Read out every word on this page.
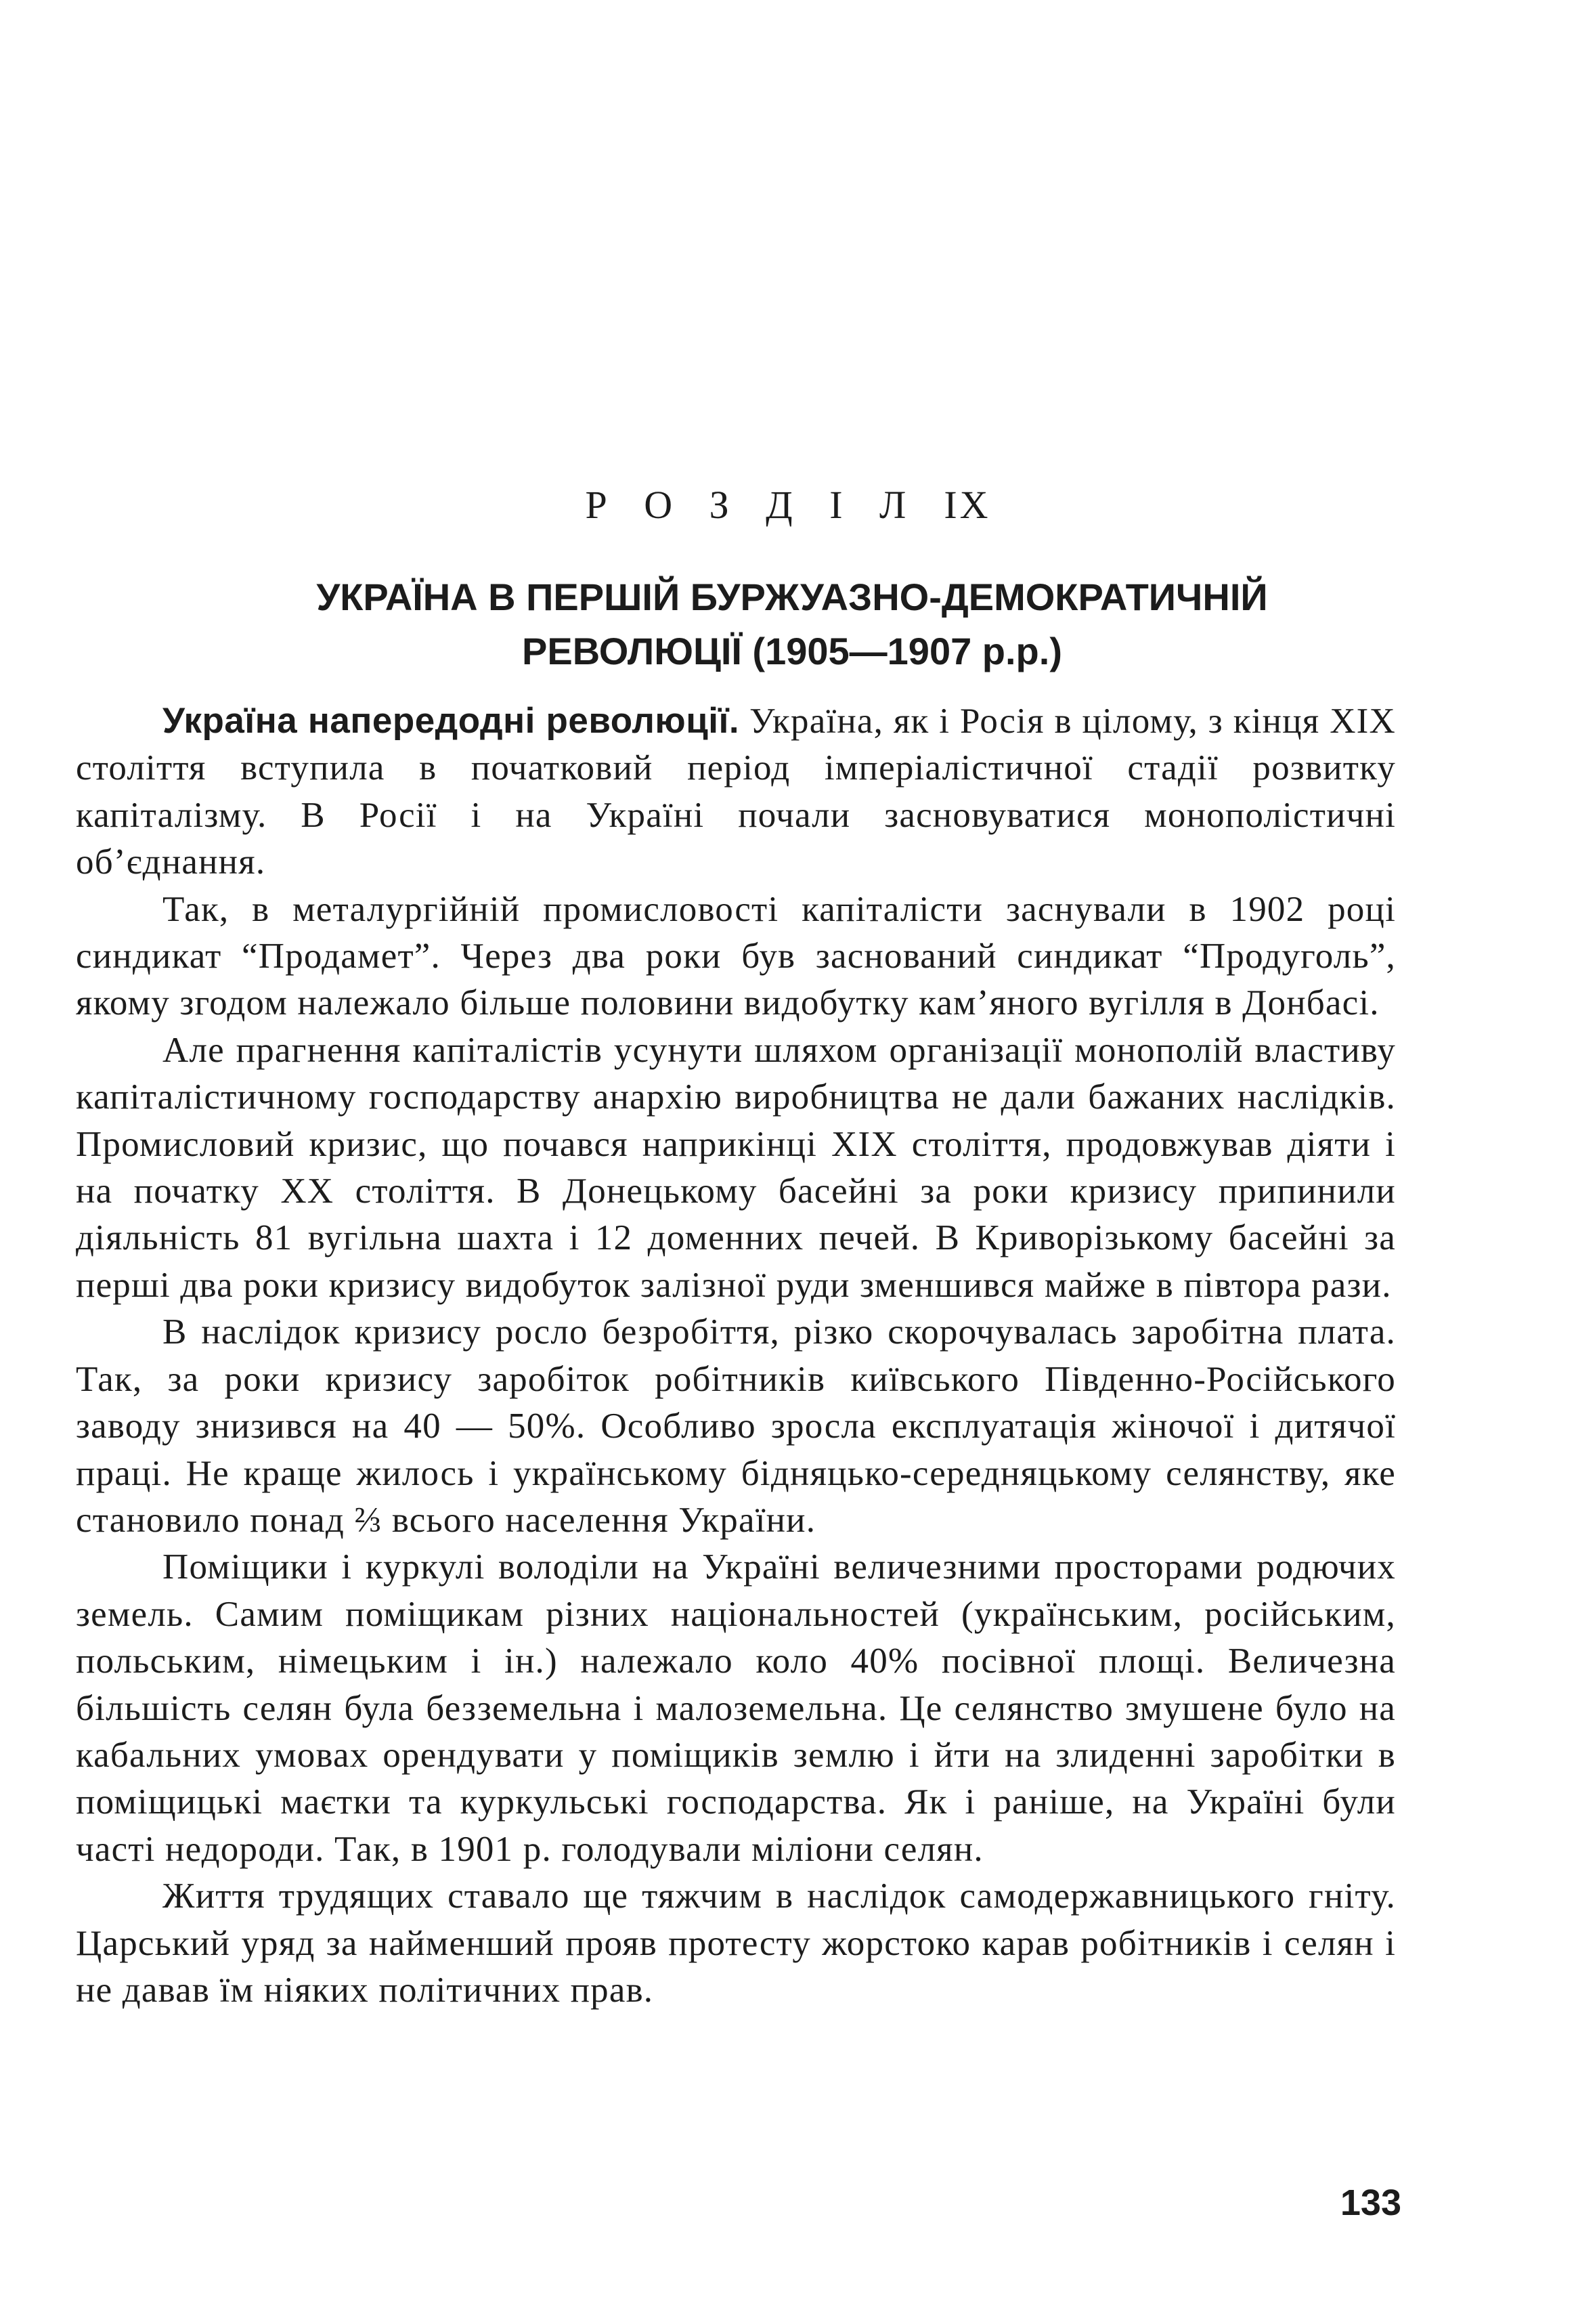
Р О З Д І Л IX
УКРАЇНА В ПЕРШІЙ БУРЖУАЗНО-ДЕМОКРАТИЧНІЙ
РЕВОЛЮЦІЇ (1905—1907 р.р.)

Україна напередодні революції. Україна, як і Росія в цілому, з кінця XIX століття вступила в початковий період імперіалістичної стадії розвитку капіталізму. В Росії і на Україні почали засновуватися монополістичні об’єднання.

Так, в металургійній промисловості капіталісти заснували в 1902 році синдикат “Продамет”. Через два роки був заснований синдикат “Продуголь”, якому згодом належало більше половини видобутку кам’яного вугілля в Донбасі.

Але прагнення капіталістів усунути шляхом організації монополій властиву капіталістичному господарству анархію виробництва не дали бажаних наслідків. Промисловий кризис, що почався наприкінці XIX століття, продовжував діяти і на початку XX століття. В Донецькому басейні за роки кризису припинили діяльність 81 вугільна шахта і 12 доменних печей. В Криворізькому басейні за перші два роки кризису видобуток залізної руди зменшився майже в півтора рази.

В наслідок кризису росло безробіття, різко скорочувалась заробітна плата. Так, за роки кризису заробіток робітників київського Південно-Російського заводу знизився на 40 — 50%. Особливо зросла експлуатація жіночої і дитячої праці. Не краще жилось і українському бідняцько-середняцькому селянству, яке становило понад ⅔ всього населення України.

Поміщики і куркулі володіли на Україні величезними просторами родючих земель. Самим поміщикам різних національностей (українським, російським, польським, німецьким і ін.) належало коло 40% посівної площі. Величезна більшість селян була безземельна і малоземельна. Це селянство змушене було на кабальних умовах орендувати у поміщиків землю і йти на злиденні заробітки в поміщицькі маєтки та куркульські господарства. Як і раніше, на Україні були часті недороди. Так, в 1901 р. голодували міліони селян.

Життя трудящих ставало ще тяжчим в наслідок самодержавницького гніту. Царський уряд за найменший прояв протесту жорстоко карав робітників і селян і не давав їм ніяких політичних прав.

133
